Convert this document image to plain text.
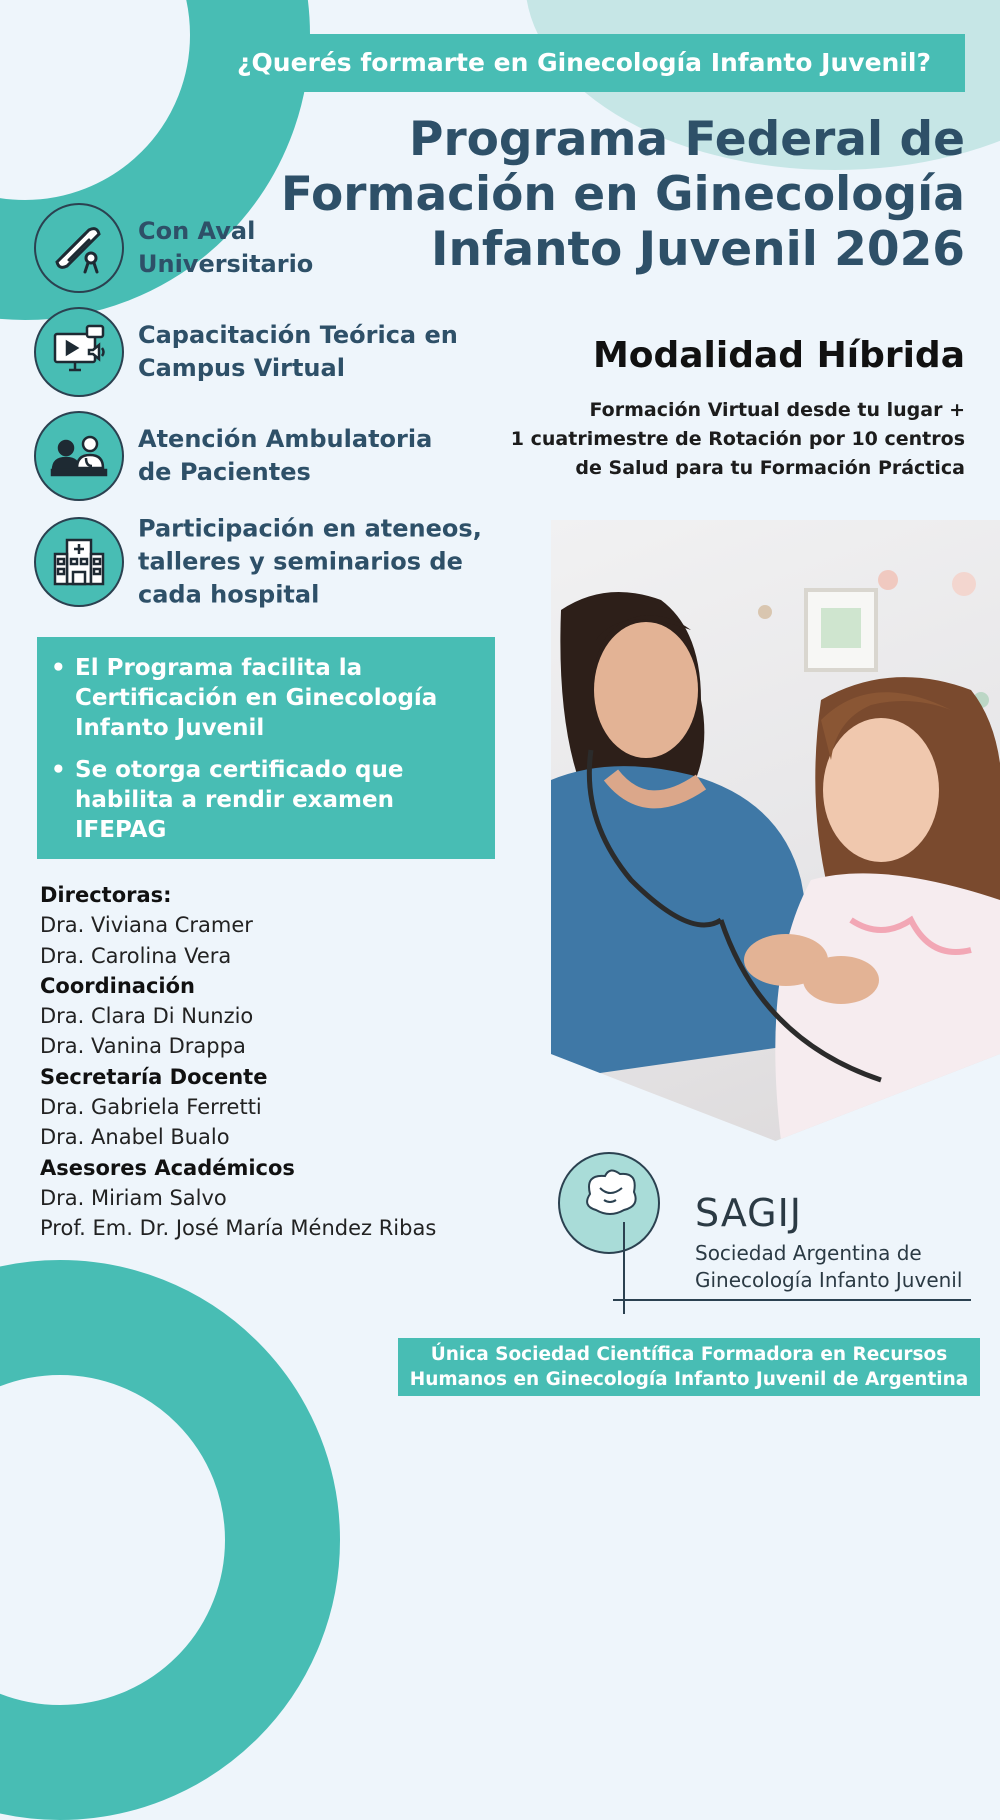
¿Querés formarte en Ginecología Infanto Juvenil?
Programa Federal de
Formación en Ginecología
Infanto Juvenil 2026
Con Aval
Universitario
Capacitación Teórica en
Campus Virtual
Atención Ambulatoria
de Pacientes
Participación en ateneos,
talleres y seminarios de
cada hospital
Modalidad Híbrida
Formación Virtual desde tu lugar +
1 cuatrimestre de Rotación por 10 centros
de Salud para tu Formación Práctica
• El Programa facilita la
Certificación en Ginecología
Infanto Juvenil
• Se otorga certificado que
habilita a rendir examen
IFEPAG
Directoras:
Dra. Viviana Cramer
Dra. Carolina Vera
Coordinación
Dra. Clara Di Nunzio
Dra. Vanina Drappa
Secretaría Docente
Dra. Gabriela Ferretti
Dra. Anabel Bualo
Asesores Académicos
Dra. Miriam Salvo
Prof. Em. Dr. José María Méndez Ribas	SAGIJ
Sociedad Argentina de
Ginecología Infanto Juvenil
Única Sociedad Científica Formadora en Recursos
Humanos en Ginecología Infanto Juvenil de Argentina
